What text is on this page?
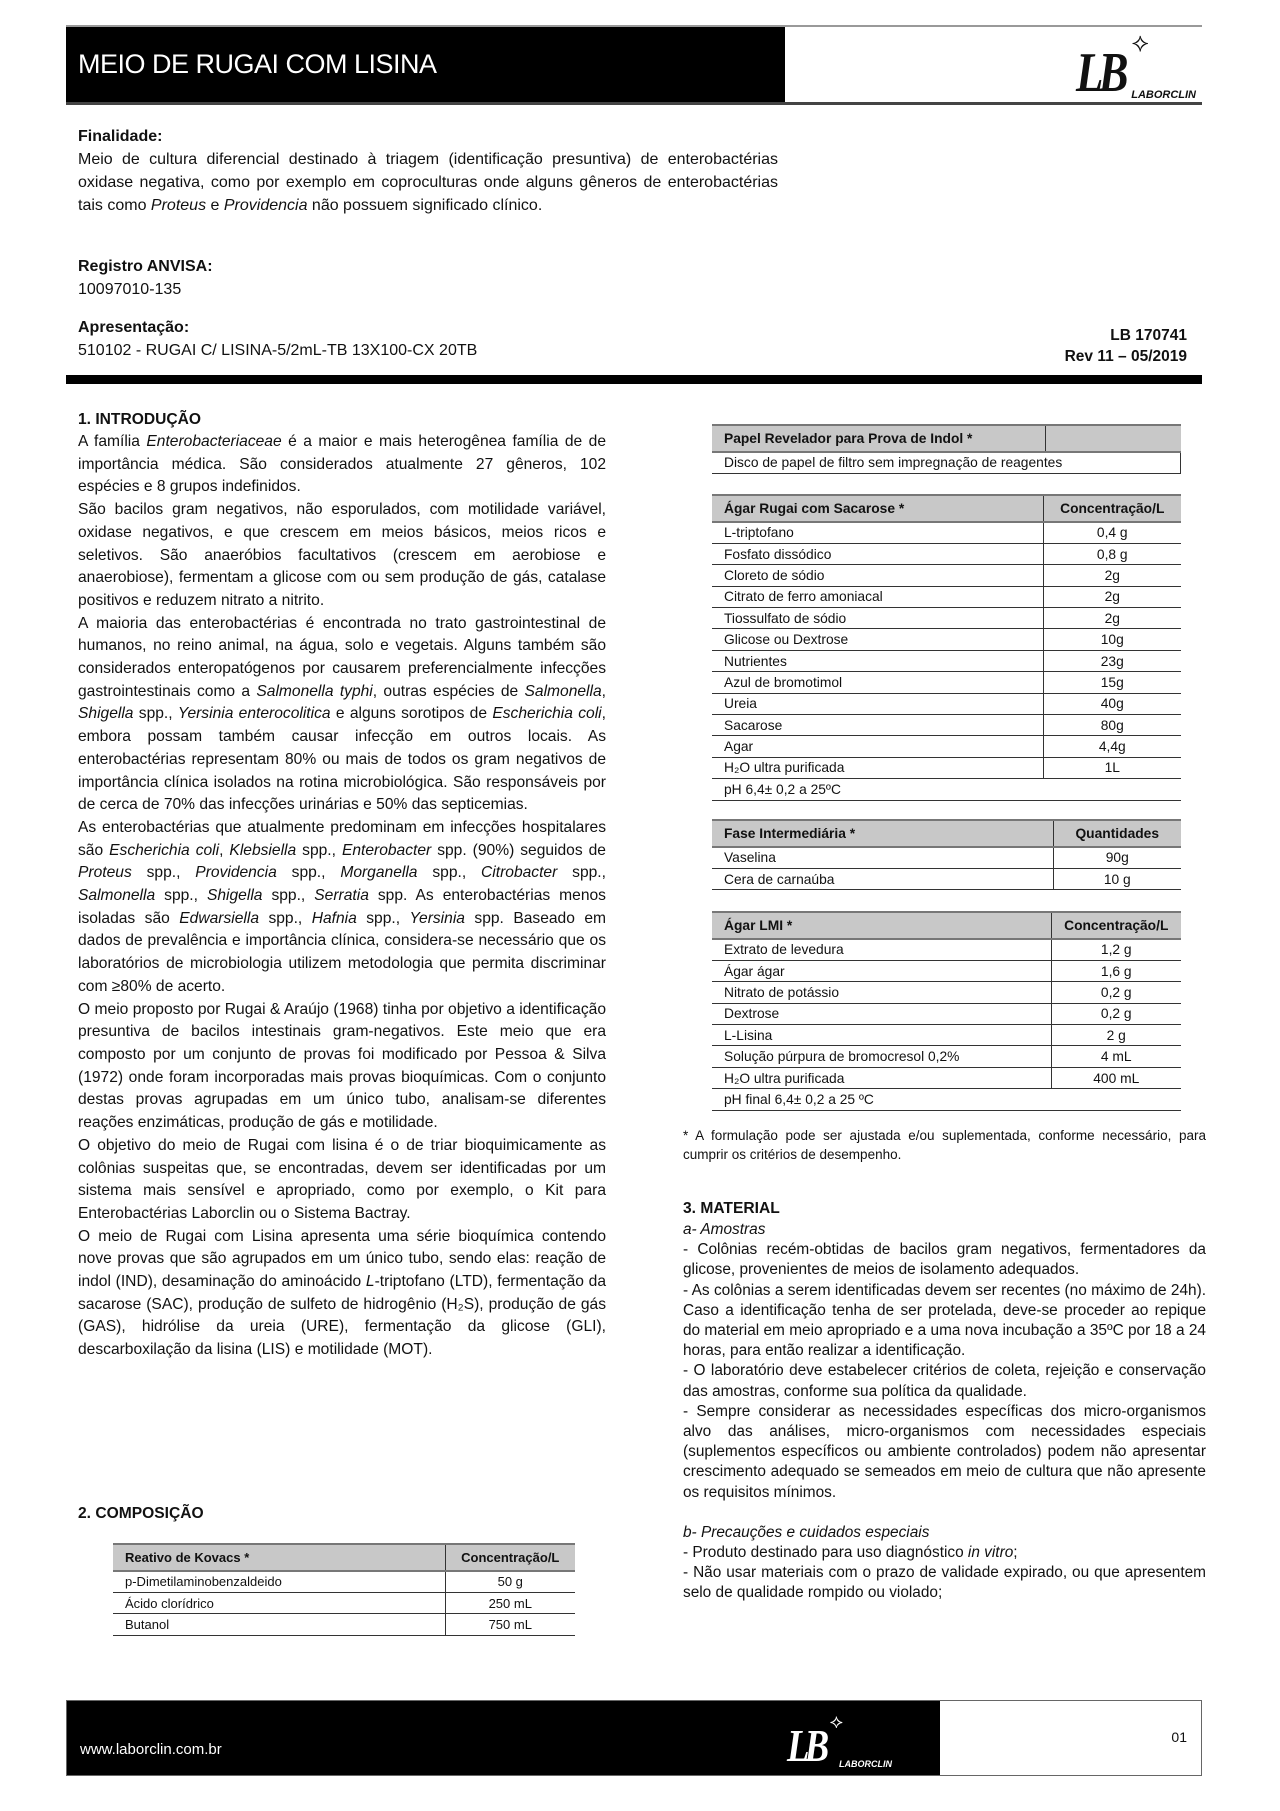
MEIO DE RUGAI COM LISINA	LB ⟡
LABORCLIN
Finalidade:
Meio de cultura diferencial destinado à triagem (identificação presuntiva) de enterobactérias oxidase negativa, como por exemplo em coproculturas onde alguns gêneros de enterobactérias tais como Proteus e Providencia não possuem significado clínico.
Registro ANVISA:
10097010-135
Apresentação:
510102 - RUGAI C/ LISINA-5/2mL-TB 13X100-CX 20TB
LB 170741
Rev 11 – 05/2019
1. INTRODUÇÃO
A família Enterobacteriaceae é a maior e mais heterogênea família de de importância médica. São considerados atualmente 27 gêneros, 102 espécies e 8 grupos indefinidos.
São bacilos gram negativos, não esporulados, com motilidade variável, oxidase negativos, e que crescem em meios básicos, meios ricos e seletivos. São anaeróbios facultativos (crescem em aerobiose e anaerobiose), fermentam a glicose com ou sem produção de gás, catalase positivos e reduzem nitrato a nitrito.
A maioria das enterobactérias é encontrada no trato gastrointestinal de humanos, no reino animal, na água, solo e vegetais. Alguns também são considerados enteropatógenos por causarem preferencialmente infecções gastrointestinais como a Salmonella typhi, outras espécies de Salmonella, Shigella spp., Yersinia enterocolitica e alguns sorotipos de Escherichia coli, embora possam também causar infecção em outros locais. As enterobactérias representam 80% ou mais de todos os gram negativos de importância clínica isolados na rotina microbiológica. São responsáveis por de cerca de 70% das infecções urinárias e 50% das septicemias.
As enterobactérias que atualmente predominam em infecções hospitalares são Escherichia coli, Klebsiella spp., Enterobacter spp. (90%) seguidos de Proteus spp., Providencia spp., Morganella spp., Citrobacter spp., Salmonella spp., Shigella spp., Serratia spp. As enterobactérias menos isoladas são Edwarsiella spp., Hafnia spp., Yersinia spp. Baseado em dados de prevalência e importância clínica, considera-se necessário que os laboratórios de microbiologia utilizem metodologia que permita discriminar com ≥80% de acerto.
O meio proposto por Rugai & Araújo (1968) tinha por objetivo a identificação presuntiva de bacilos intestinais gram-negativos. Este meio que era composto por um conjunto de provas foi modificado por Pessoa & Silva (1972) onde foram incorporadas mais provas bioquímicas. Com o conjunto destas provas agrupadas em um único tubo, analisam-se diferentes reações enzimáticas, produção de gás e motilidade.
O objetivo do meio de Rugai com lisina é o de triar bioquimicamente as colônias suspeitas que, se encontradas, devem ser identificadas por um sistema mais sensível e apropriado, como por exemplo, o Kit para Enterobactérias Laborclin ou o Sistema Bactray.
O meio de Rugai com Lisina apresenta uma série bioquímica contendo nove provas que são agrupados em um único tubo, sendo elas: reação de indol (IND), desaminação do aminoácido L-triptofano (LTD), fermentação da sacarose (SAC), produção de sulfeto de hidrogênio (H₂S), produção de gás (GAS), hidrólise da ureia (URE), fermentação da glicose (GLI), descarboxilação da lisina (LIS) e motilidade (MOT).
2. COMPOSIÇÃO
Reativo de Kovacs *	Concentração/L
p-Dimetilaminobenzaldeido	50 g
Ácido clorídrico	250 mL
Butanol	750 mL
Papel Revelador para Prova de Indol *	
Disco de papel de filtro sem impregnação de reagentes
Ágar Rugai com Sacarose *	Concentração/L
L-triptofano	0,4 g
Fosfato dissódico	0,8 g
Cloreto de sódio	2g
Citrato de ferro amoniacal	2g
Tiossulfato de sódio	2g
Glicose ou Dextrose	10g
Nutrientes	23g
Azul de bromotimol	15g
Ureia	40g
Sacarose	80g
Agar	4,4g
H₂O ultra purificada	1L
pH 6,4± 0,2 a 25ºC	
Fase Intermediária *	Quantidades
Vaselina	90g
Cera de carnaúba	10 g
Ágar LMI *	Concentração/L
Extrato de levedura	1,2 g
Ágar ágar	1,6 g
Nitrato de potássio	0,2 g
Dextrose	0,2 g
L-Lisina	2 g
Solução púrpura de bromocresol 0,2%	4 mL
H₂O ultra purificada	400 mL
pH final 6,4± 0,2 a 25 ºC	
* A formulação pode ser ajustada e/ou suplementada, conforme necessário, para cumprir os critérios de desempenho.
3. MATERIAL
a- Amostras
- Colônias recém-obtidas de bacilos gram negativos, fermentadores da glicose, provenientes de meios de isolamento adequados.
- As colônias a serem identificadas devem ser recentes (no máximo de 24h). Caso a identificação tenha de ser protelada, deve-se proceder ao repique do material em meio apropriado e a uma nova incubação a 35ºC por 18 a 24 horas, para então realizar a identificação.
- O laboratório deve estabelecer critérios de coleta, rejeição e conservação das amostras, conforme sua política da qualidade.
- Sempre considerar as necessidades específicas dos micro-organismos alvo das análises, micro-organismos com necessidades especiais (suplementos específicos ou ambiente controlados) podem não apresentar crescimento adequado se semeados em meio de cultura que não apresente os requisitos mínimos.
b- Precauções e cuidados especiais
- Produto destinado para uso diagnóstico in vitro;
- Não usar materiais com o prazo de validade expirado, ou que apresentem selo de qualidade rompido ou violado;
www.laborclin.com.br	LB ⟡
LABORCLIN
01
